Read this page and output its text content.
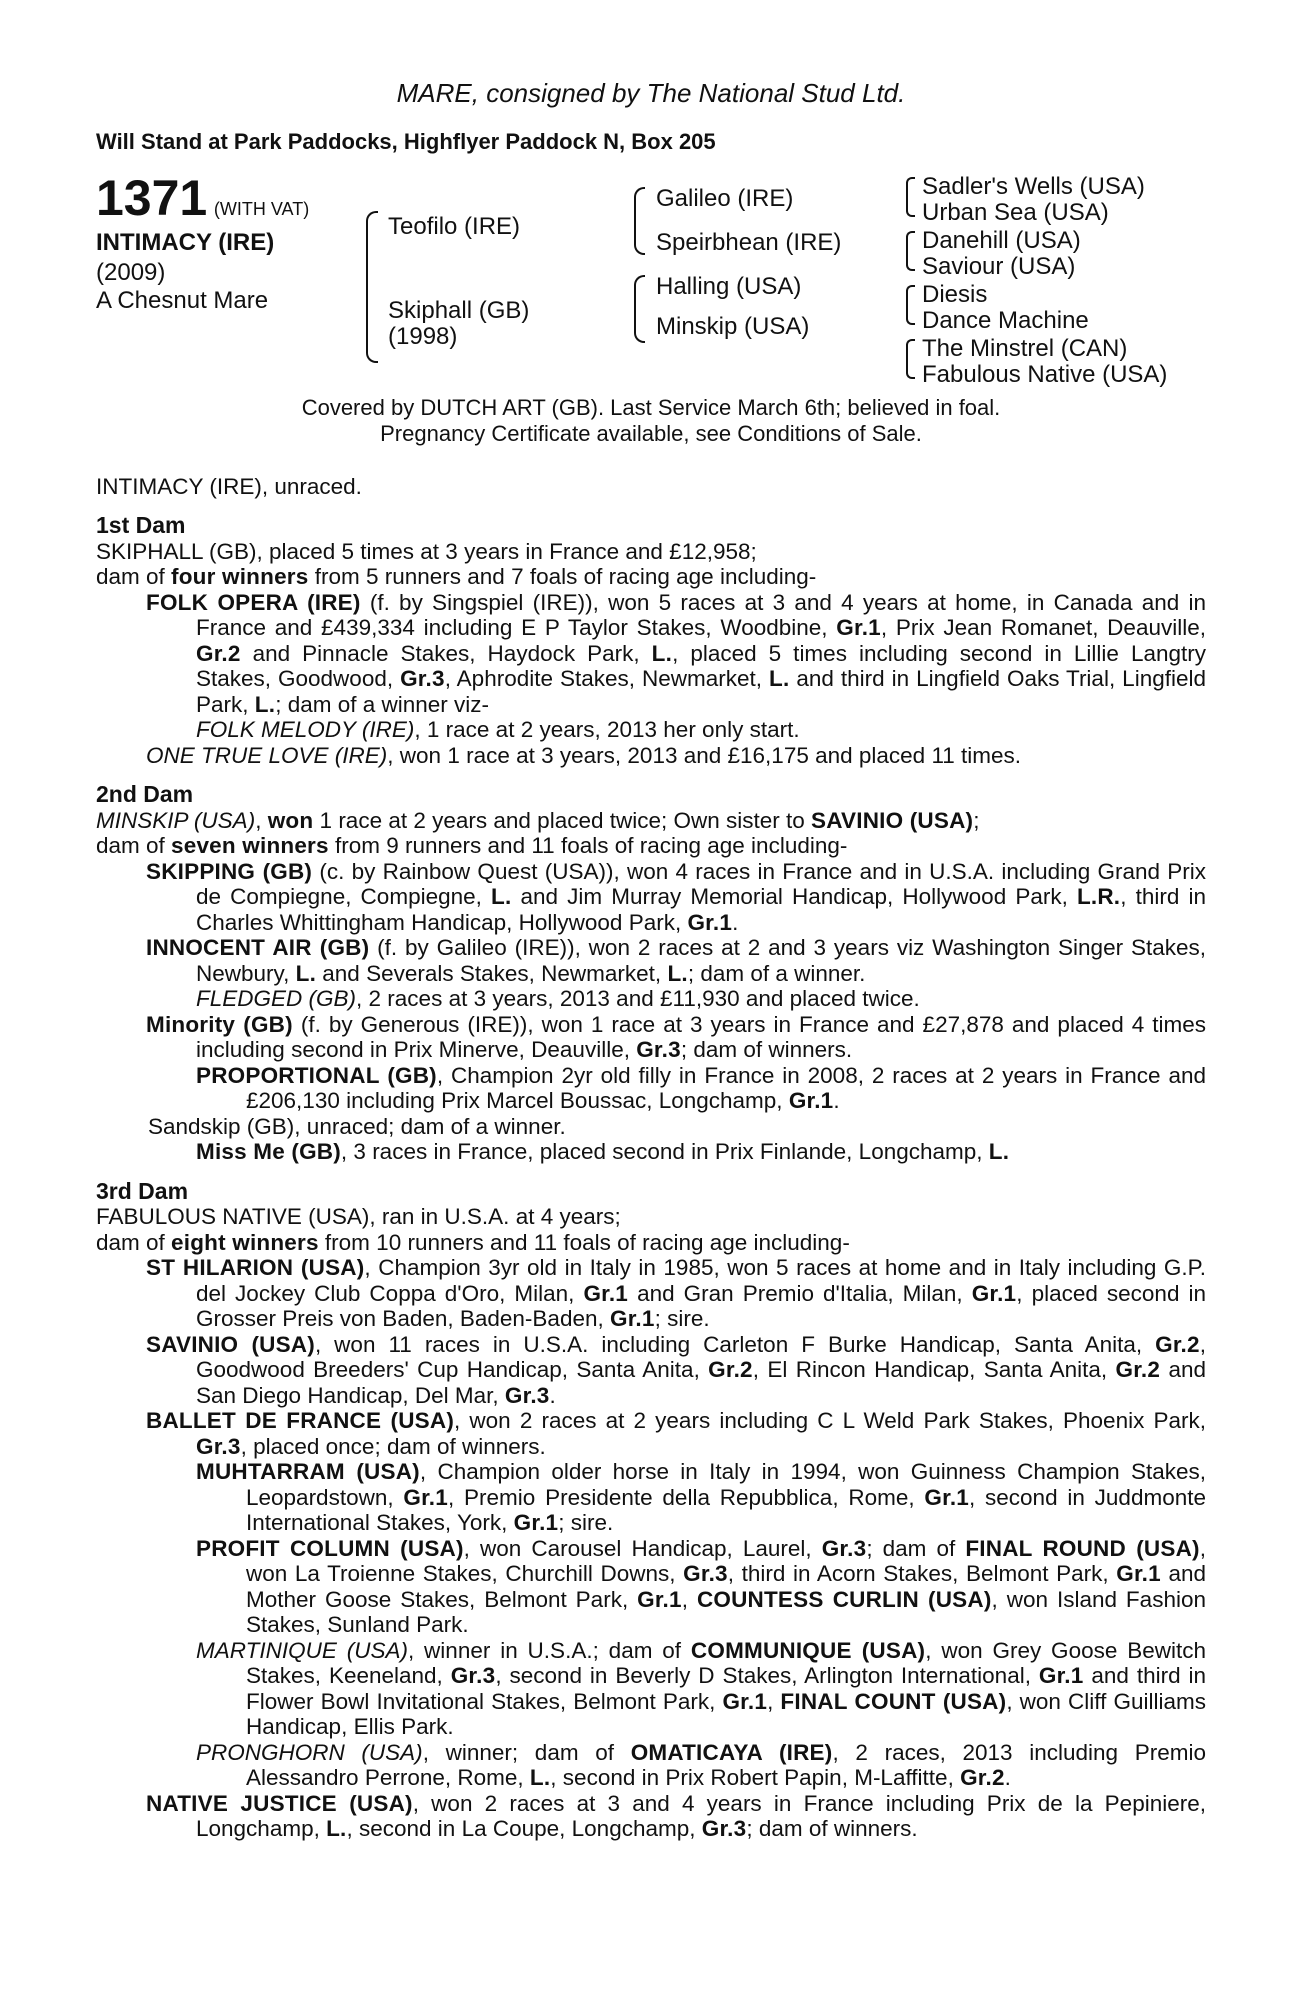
MARE, consigned by The National Stud Ltd.
Will Stand at Park Paddocks, Highflyer Paddock N, Box 205
1371 (WITH VAT)
INTIMACY (IRE)
(2009)
A Chesnut Mare
Teofilo (IRE)
Skiphall (GB)
(1998)
Galileo (IRE)
Speirbhean (IRE)
Halling (USA)
Minskip (USA)
Sadler's Wells (USA)
Urban Sea (USA)
Danehill (USA)
Saviour (USA)
Diesis
Dance Machine
The Minstrel (CAN)
Fabulous Native (USA)
Covered by DUTCH ART (GB). Last Service March 6th; believed in foal.
Pregnancy Certificate available, see Conditions of Sale.

INTIMACY (IRE), unraced.

1st Dam

SKIPHALL (GB), placed 5 times at 3 years in France and £12,958;
dam of four winners from 5 runners and 7 foals of racing age including-

FOLK OPERA (IRE) (f. by Singspiel (IRE)), won 5 races at 3 and 4 years at home, in Canada and in France and £439,334 including E P Taylor Stakes, Woodbine, Gr.1, Prix Jean Romanet, Deauville, Gr.2 and Pinnacle Stakes, Haydock Park, L., placed 5 times including second in Lillie Langtry Stakes, Goodwood, Gr.3, Aphrodite Stakes, Newmarket, L. and third in Lingfield Oaks Trial, Lingfield Park, L.; dam of a winner viz-

FOLK MELODY (IRE), 1 race at 2 years, 2013 her only start.

ONE TRUE LOVE (IRE), won 1 race at 3 years, 2013 and £16,175 and placed 11 times.

2nd Dam

MINSKIP (USA), won 1 race at 2 years and placed twice; Own sister to SAVINIO (USA);
dam of seven winners from 9 runners and 11 foals of racing age including-

SKIPPING (GB) (c. by Rainbow Quest (USA)), won 4 races in France and in U.S.A. including Grand Prix de Compiegne, Compiegne, L. and Jim Murray Memorial Handicap, Hollywood Park, L.R., third in Charles Whittingham Handicap, Hollywood Park, Gr.1.

INNOCENT AIR (GB) (f. by Galileo (IRE)), won 2 races at 2 and 3 years viz Washington Singer Stakes, Newbury, L. and Severals Stakes, Newmarket, L.; dam of a winner.

FLEDGED (GB), 2 races at 3 years, 2013 and £11,930 and placed twice.

Minority (GB) (f. by Generous (IRE)), won 1 race at 3 years in France and £27,878 and placed 4 times including second in Prix Minerve, Deauville, Gr.3; dam of winners.

PROPORTIONAL (GB), Champion 2yr old filly in France in 2008, 2 races at 2 years in France and £206,130 including Prix Marcel Boussac, Longchamp, Gr.1.

Sandskip (GB), unraced; dam of a winner.

Miss Me (GB), 3 races in France, placed second in Prix Finlande, Longchamp, L.

3rd Dam

FABULOUS NATIVE (USA), ran in U.S.A. at 4 years;
dam of eight winners from 10 runners and 11 foals of racing age including-

ST HILARION (USA), Champion 3yr old in Italy in 1985, won 5 races at home and in Italy including G.P. del Jockey Club Coppa d'Oro, Milan, Gr.1 and Gran Premio d'Italia, Milan, Gr.1, placed second in Grosser Preis von Baden, Baden-Baden, Gr.1; sire.

SAVINIO (USA), won 11 races in U.S.A. including Carleton F Burke Handicap, Santa Anita, Gr.2, Goodwood Breeders' Cup Handicap, Santa Anita, Gr.2, El Rincon Handicap, Santa Anita, Gr.2 and San Diego Handicap, Del Mar, Gr.3.

BALLET DE FRANCE (USA), won 2 races at 2 years including C L Weld Park Stakes, Phoenix Park, Gr.3, placed once; dam of winners.

MUHTARRAM (USA), Champion older horse in Italy in 1994, won Guinness Champion Stakes, Leopardstown, Gr.1, Premio Presidente della Repubblica, Rome, Gr.1, second in Juddmonte International Stakes, York, Gr.1; sire.

PROFIT COLUMN (USA), won Carousel Handicap, Laurel, Gr.3; dam of FINAL ROUND (USA), won La Troienne Stakes, Churchill Downs, Gr.3, third in Acorn Stakes, Belmont Park, Gr.1 and Mother Goose Stakes, Belmont Park, Gr.1, COUNTESS CURLIN (USA), won Island Fashion Stakes, Sunland Park.

MARTINIQUE (USA), winner in U.S.A.; dam of COMMUNIQUE (USA), won Grey Goose Bewitch Stakes, Keeneland, Gr.3, second in Beverly D Stakes, Arlington International, Gr.1 and third in Flower Bowl Invitational Stakes, Belmont Park, Gr.1, FINAL COUNT (USA), won Cliff Guilliams Handicap, Ellis Park.

PRONGHORN (USA), winner; dam of OMATICAYA (IRE), 2 races, 2013 including Premio Alessandro Perrone, Rome, L., second in Prix Robert Papin, M-Laffitte, Gr.2.

NATIVE JUSTICE (USA), won 2 races at 3 and 4 years in France including Prix de la Pepiniere, Longchamp, L., second in La Coupe, Longchamp, Gr.3; dam of winners.
